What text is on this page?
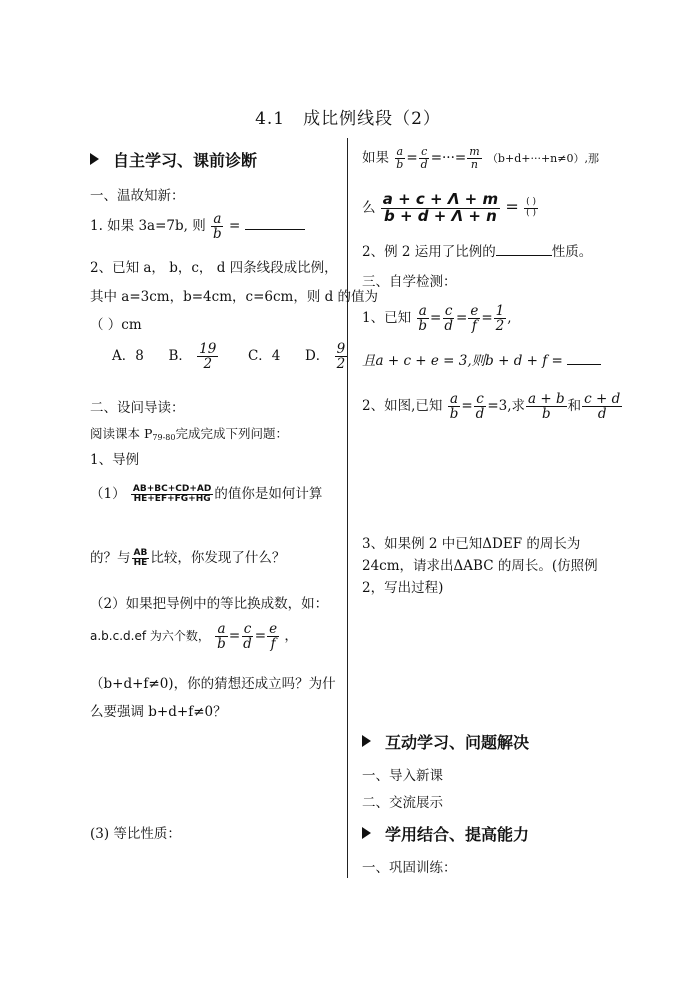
4.1　成比例线段（2）
自主学习、课前诊断
一、温故知新：
1. 如果 3a=7b, 则 $\frac{a}{b}$ =
2、已知 a， b，c， d 四条线段成比例，
其中 a=3cm，b=4cm，c=6cm，则 d 的值为
（ ）cm
A．8 B． $\frac{19}{2}$ C．4 D． $\frac{9}{2}$
二、设问导读：
阅读课本 $P_{79-80}$完成完成下列问题：
1、导例
$(1) \frac{AB+BC+CD+AD}{HE+EF+FG+HG}$ 的值你是如何计算
的？与 $\frac{AB}{HE}$ 比较，你发现了什么？
（2）如果把导例中的等比换成数，如：
a.b.c.d.ef 为六个数， $\frac{a}{b} = \frac{c}{d} = \frac{e}{f}$ ，
（b+d+f≠0)，你的猜想还成立吗？为什
么要强调 b+d+f≠0？
(3) 等比性质：
如果 $\frac{a}{b} = \frac{c}{d}$ =···= $\frac{m}{n} (b+d+\cdot\cdot\cdot+n\ne 0)$,那
么 $\frac{a + c + \Lambda + m}{b + d + \Lambda + n} = \frac{( )}{( )}$
2、例 2 运用了比例的	性质。
三、自学检测：
1、已知 $\frac{a}{b} = \frac{c}{d} = \frac{e}{f} = \frac{1}{2}$ ,
且a + c + e = 3,则b + d + f =
2、如图,已知 $\frac{a}{b} = \frac{c}{d} =3$,求 $\frac{a + b}{b}$ 和 $\frac{c + d}{d}$
3、如果例 2 中已知ΔDEF 的周长为
24cm，请求出ΔABC 的周长。(仿照例
2，写出过程)
互动学习、问题解决
一、导入新课
二、交流展示
学用结合、提高能力
一、巩固训练：
